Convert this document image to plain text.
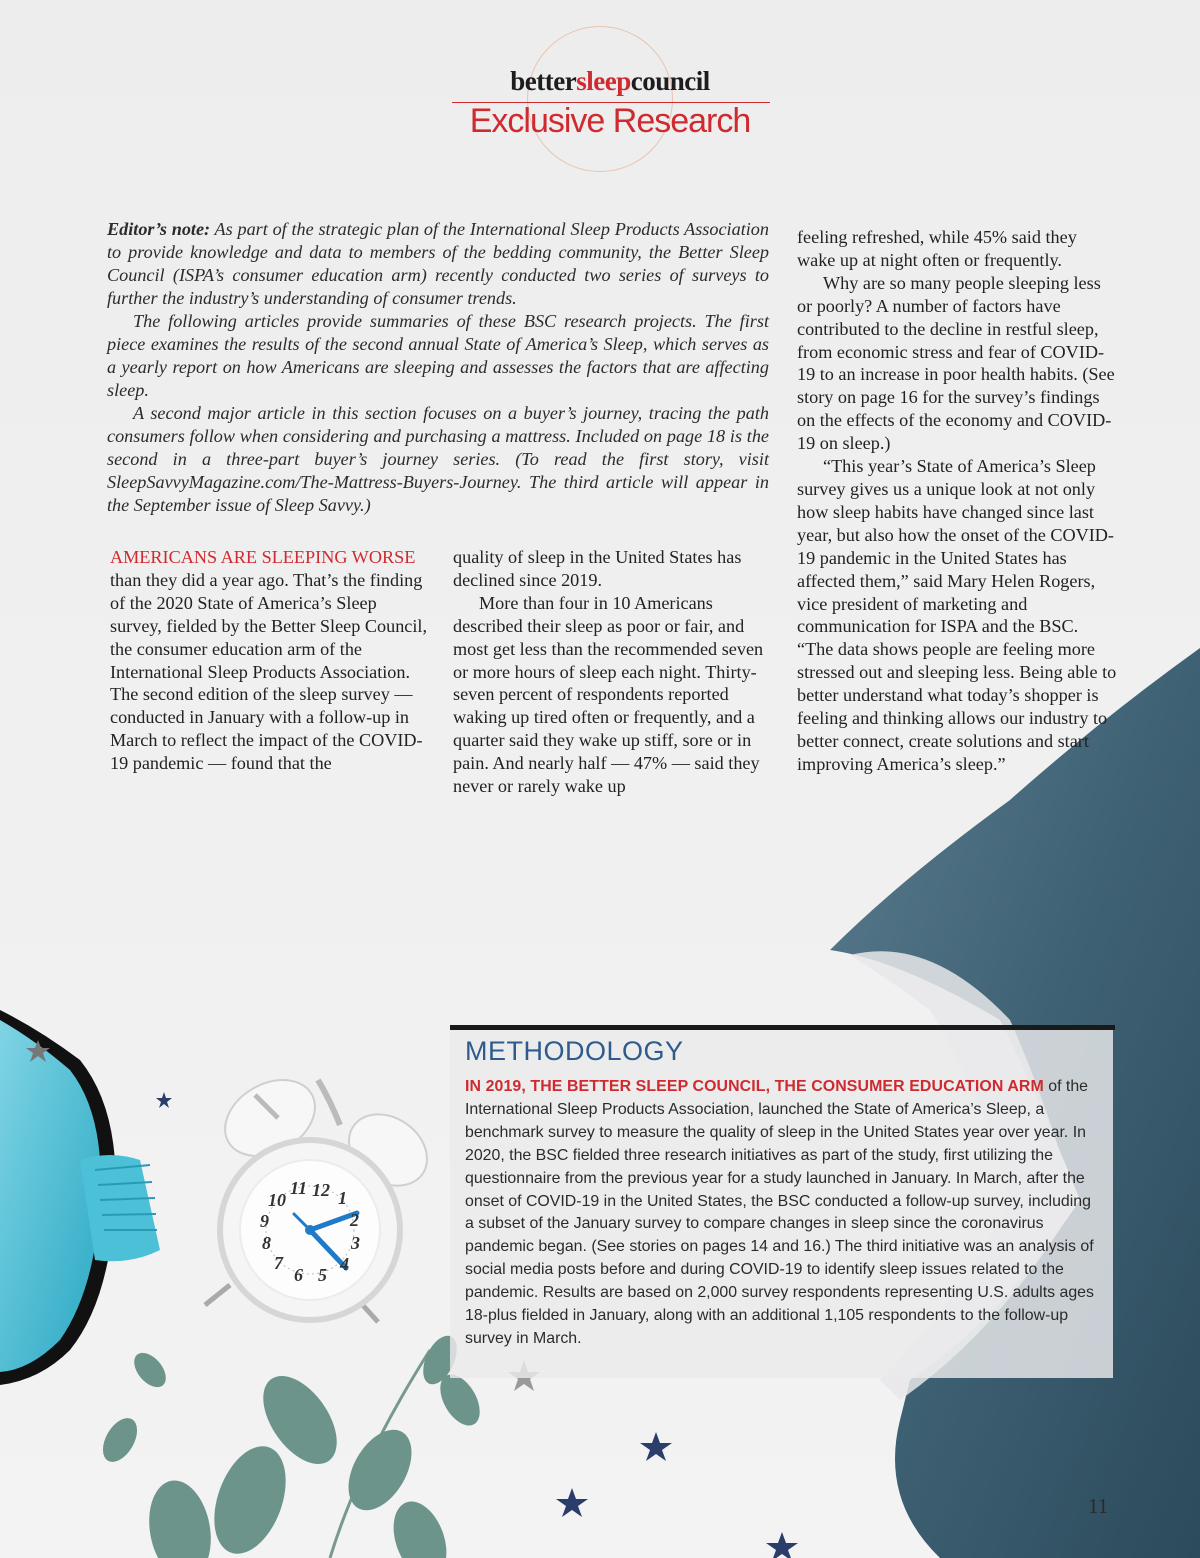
12 1
2
3
4
5
6
7
8
9
10
11
bettersleepcouncil
Exclusive Research

Editor’s note: As part of the strategic plan of the International Sleep Products Association to provide knowledge and data to members of the bedding community, the Better Sleep Council (ISPA’s consumer education arm) recently conducted two series of surveys to further the industry’s understanding of consumer trends.

The following articles provide summaries of these BSC research projects. The first piece examines the results of the second annual State of America’s Sleep, which serves as a yearly report on how Americans are sleeping and assesses the factors that are affecting sleep.

A second major article in this section focuses on a buyer’s journey, tracing the path consumers follow when considering and purchasing a mattress. Included on page 18 is the second in a three-part buyer’s journey series. (To read the first story, visit SleepSavvyMagazine.com/The-Mattress-Buyers-Journey. The third article will appear in the September issue of Sleep Savvy.)

AMERICANS ARE SLEEPING WORSE than they did a year ago. That’s the finding of the 2020 State of America’s Sleep survey, fielded by the Better Sleep Council, the consumer education arm of the International Sleep Products Association. The second edition of the sleep survey — conducted in January with a follow-up in March to reflect the impact of the COVID-19 pandemic — found that the

quality of sleep in the United States has declined since 2019.

More than four in 10 Americans described their sleep as poor or fair, and most get less than the recommended seven or more hours of sleep each night. Thirty-seven percent of respondents reported waking up tired often or frequently, and a quarter said they wake up stiff, sore or in pain. And nearly half — 47% — said they never or rarely wake up

feeling refreshed, while 45% said they wake up at night often or frequently.

Why are so many people sleeping less or poorly? A number of factors have contributed to the decline in restful sleep, from economic stress and fear of COVID-19 to an increase in poor health habits. (See story on page 16 for the survey’s findings on the effects of the economy and COVID-19 on sleep.)

“This year’s State of America’s Sleep survey gives us a unique look at not only how sleep habits have changed since last year, but also how the onset of the COVID-19 pandemic in the United States has affected them,” said Mary Helen Rogers, vice president of marketing and communication for ISPA and the BSC. “The data shows people are feeling more stressed out and sleeping less. Being able to better understand what today’s shopper is feeling and thinking allows our industry to better connect, create solutions and start improving America’s sleep.”

METHODOLOGY

IN 2019, THE BETTER SLEEP COUNCIL, THE CONSUMER EDUCATION ARM of the International Sleep Products Association, launched the State of America’s Sleep, a benchmark survey to measure the quality of sleep in the United States year over year. In 2020, the BSC fielded three research initiatives as part of the study, first utilizing the questionnaire from the previous year for a study launched in January. In March, after the onset of COVID-19 in the United States, the BSC conducted a follow-up survey, including a subset of the January survey to compare changes in sleep since the coronavirus pandemic began. (See stories on pages 14 and 16.) The third initiative was an analysis of social media posts before and during COVID-19 to identify sleep issues related to the pandemic. Results are based on 2,000 survey respondents representing U.S. adults ages 18-plus fielded in January, along with an additional 1,105 respondents to the follow-up survey in March.

11
